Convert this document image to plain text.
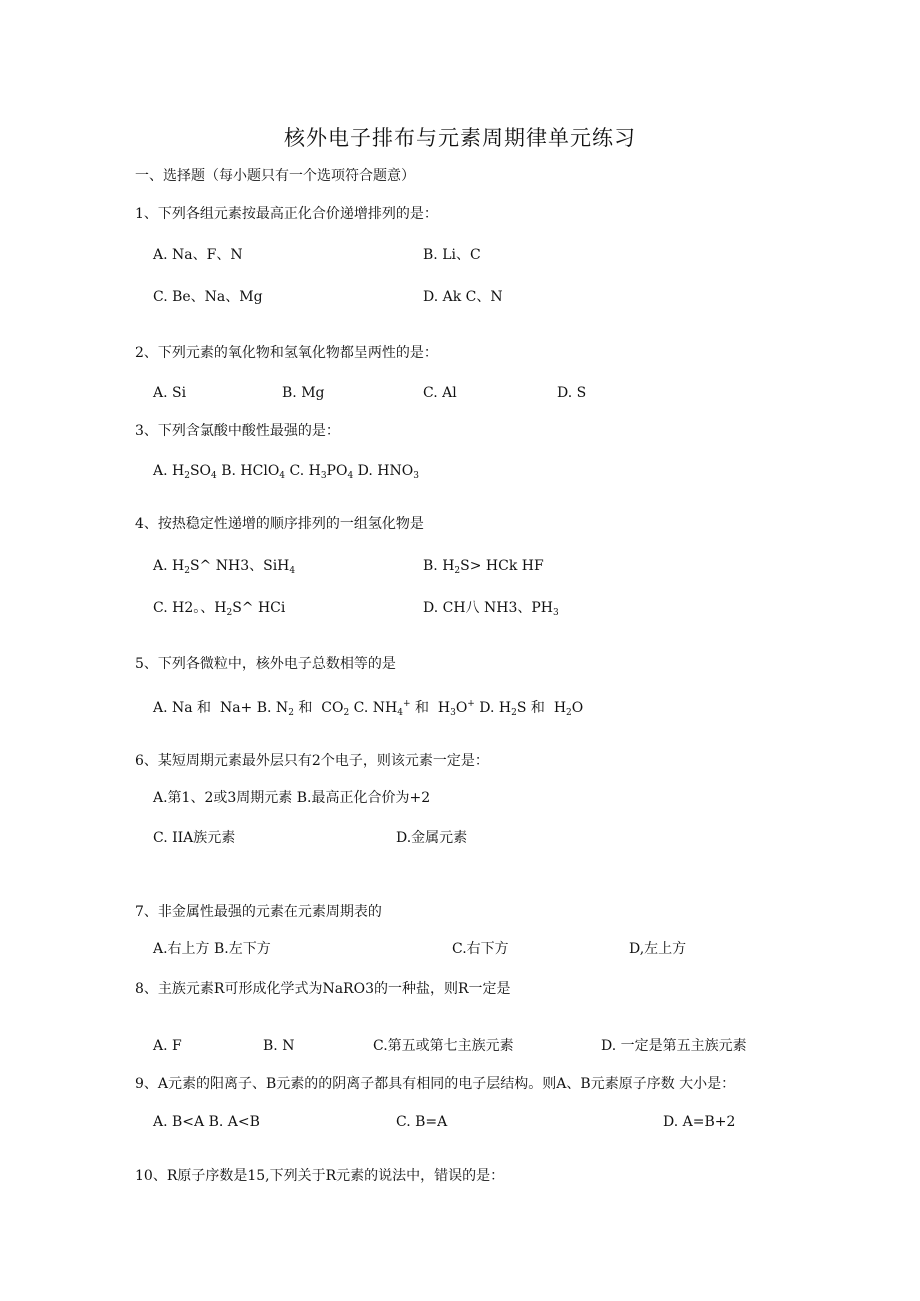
核外电子排布与元素周期律单元练习
一、选择题（每小题只有一个选项符合题意）
1、下列各组元素按最高正化合价递增排列的是：
A. Na、F、N	B. Li、C
C. Be、Na、Mg	D. Ak C、N
2、下列元素的氧化物和氢氧化物都呈两性的是：
A. Si	B. Mg	C. Al	D. S
3、下列含氯酸中酸性最强的是：
A. $H_2SO_4$ B. HClO$_4$ C. $H_3PO_4$ D. $HNO_3$
4、按热稳定性递增的顺序排列的一组氢化物是
A. $H_2S\^{}$ NH3、SiH$_4$	B. $H_2S>$ HCk HF
C. H2。、$H_2S\^{}$ HCi	D. CH八 NH3、$PH_3$
5、下列各微粒中，核外电子总数相等的是
A. Na 和  Na+ B. $N_2$ 和  $CO_2$ C. $NH_4^+$ 和  $H_3O^+$ D. $H_2S$ 和  $H_2O$
6、某短周期元素最外层只有2个电子，则该元素一定是：
A.第1、2或3周期元素 B.最高正化合价为+2
C. IIA族元素	D.金属元素
7、非金属性最强的元素在元素周期表的
A.右上方 B.左下方	C.右下方	D,左上方
8、主族元素R可形成化学式为NaRO3的一种盐，则R一定是
A. F	B. N	C.第五或第七主族元素	D. 一定是第五主族元素
9、A元素的阳离子、B元素的的阴离子都具有相同的电子层结构。则A、B元素原子序数 大小是：
A. B<A B. A<B	C. B=A	D. A=B+2
10、R原子序数是15,下列关于R元素的说法中，错误的是：
